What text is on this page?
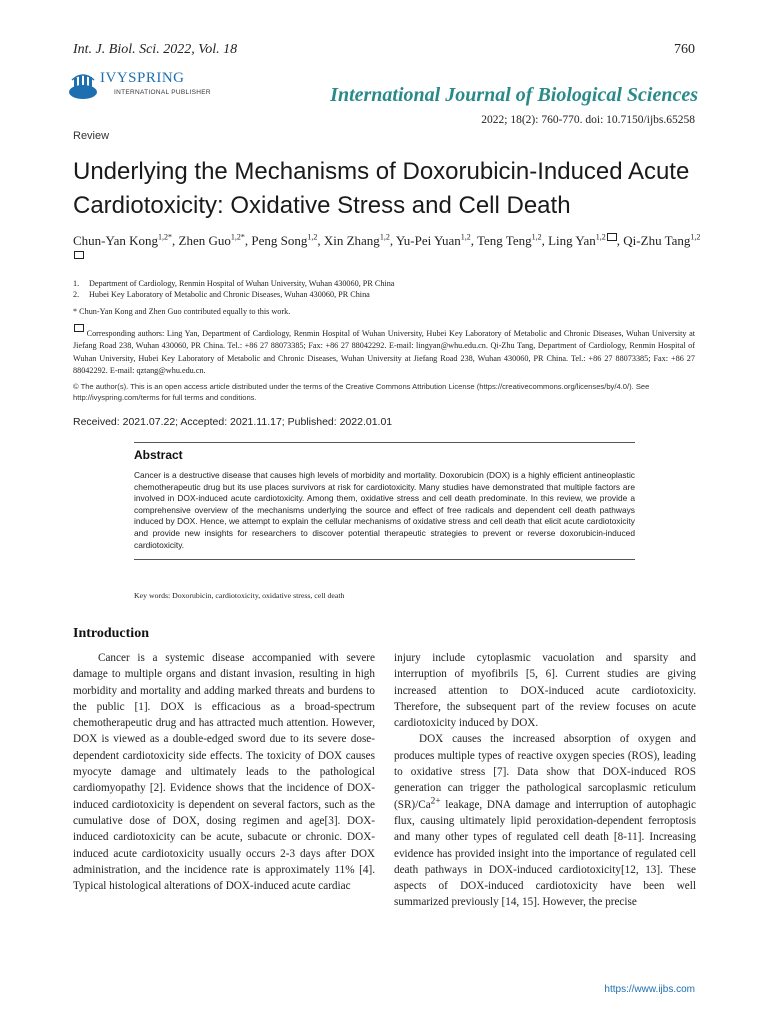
Int. J. Biol. Sci. 2022, Vol. 18	760
IVYSPRING
INTERNATIONAL PUBLISHER	International Journal of Biological Sciences
2022; 18(2): 760-770. doi: 10.7150/ijbs.65258
Review
Underlying the Mechanisms of Doxorubicin-Induced Acute Cardiotoxicity: Oxidative Stress and Cell Death
Chun-Yan Kong$^{1,2*}$, Zhen Guo$^{1,2*}$, Peng Song$^{1,2}$, Xin Zhang$^{1,2}$, Yu-Pei Yuan$^{1,2}$, Teng Teng$^{1,2}$, Ling Yan$^{1,2}$ , Qi-Zhu Tang$^{1,2}$
1.	Department of Cardiology, Renmin Hospital of Wuhan University, Wuhan 430060, PR China
2.	Hubei Key Laboratory of Metabolic and Chronic Diseases, Wuhan 430060, PR China
* Chun-Yan Kong and Zhen Guo contributed equally to this work.
Corresponding authors: Ling Yan, Department of Cardiology, Renmin Hospital of Wuhan University, Hubei Key Laboratory of Metabolic and Chronic Diseases, Wuhan University at Jiefang Road 238, Wuhan 430060, PR China. Tel.: +86 27 88073385; Fax: +86 27 88042292. E-mail: lingyan@whu.edu.cn. Qi-Zhu Tang, Department of Cardiology, Renmin Hospital of Wuhan University, Hubei Key Laboratory of Metabolic and Chronic Diseases, Wuhan University at Jiefang Road 238, Wuhan 430060, PR China. Tel.: +86 27 88073385; Fax: +86 27 88042292. E-mail: qztang@whu.edu.cn.
© The author(s). This is an open access article distributed under the terms of the Creative Commons Attribution License (https://creativecommons.org/licenses/by/4.0/). See http://ivyspring.com/terms for full terms and conditions.
Received: 2021.07.22; Accepted: 2021.11.17; Published: 2022.01.01
Abstract
Cancer is a destructive disease that causes high levels of morbidity and mortality. Doxorubicin (DOX) is a highly efficient antineoplastic chemotherapeutic drug but its use places survivors at risk for cardiotoxicity. Many studies have demonstrated that multiple factors are involved in DOX-induced acute cardiotoxicity. Among them, oxidative stress and cell death predominate. In this review, we provide a comprehensive overview of the mechanisms underlying the source and effect of free radicals and dependent cell death pathways induced by DOX. Hence, we attempt to explain the cellular mechanisms of oxidative stress and cell death that elicit acute cardiotoxicity and provide new insights for researchers to discover potential therapeutic strategies to prevent or reverse doxorubicin-induced cardiotoxicity.
Key words: Doxorubicin, cardiotoxicity, oxidative stress, cell death
Introduction

Cancer is a systemic disease accompanied with severe damage to multiple organs and distant invasion, resulting in high morbidity and mortality and adding marked threats and burdens to the public [1]. DOX is efficacious as a broad-spectrum chemotherapeutic drug and has attracted much attention. However, DOX is viewed as a double-edged sword due to its severe dose-dependent cardiotoxicity side effects. The toxicity of DOX causes myocyte damage and ultimately leads to the pathological cardiomyopathy [2]. Evidence shows that the incidence of DOX-induced cardiotoxicity is dependent on several factors, such as the cumulative dose of DOX, dosing regimen and age[3]. DOX-induced cardiotoxicity can be acute, subacute or chronic. DOX-induced acute cardiotoxicity usually occurs 2-3 days after DOX administration, and the incidence rate is approximately 11% [4]. Typical histological alterations of DOX-induced acute cardiac

injury include cytoplasmic vacuolation and sparsity and interruption of myofibrils [5, 6]. Current studies are giving increased attention to DOX-induced acute cardiotoxicity. Therefore, the subsequent part of the review focuses on acute cardiotoxicity induced by DOX.

DOX causes the increased absorption of oxygen and produces multiple types of reactive oxygen species (ROS), leading to oxidative stress [7]. Data show that DOX-induced ROS generation can trigger the pathological sarcoplasmic reticulum $(SR)/Ca^{2+}$ leakage, DNA damage and interruption of autophagic flux, causing ultimately lipid peroxidation-dependent ferroptosis and many other types of regulated cell death [8-11]. Increasing evidence has provided insight into the importance of regulated cell death pathways in DOX-induced cardiotoxicity[12, 13]. These aspects of DOX-induced cardiotoxicity have been well summarized previously [14, 15]. However, the precise

https://www.ijbs.com
